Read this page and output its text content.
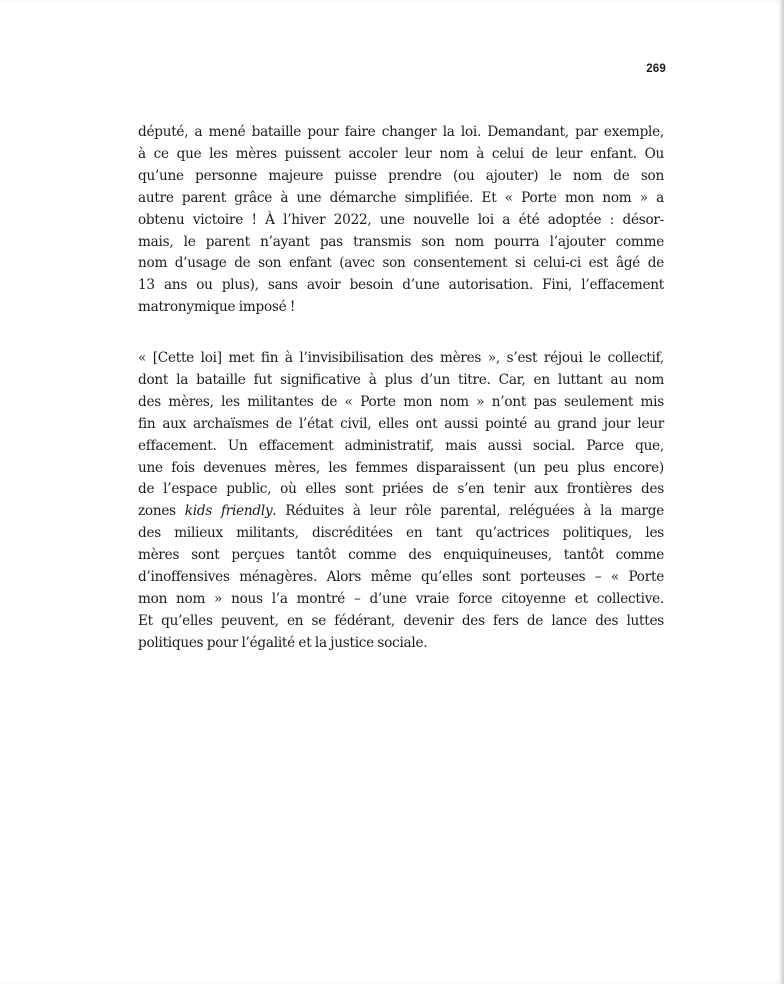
269
député, a mené bataille pour faire changer la loi. Demandant, par exemple,
à ce que les mères puissent accoler leur nom à celui de leur enfant. Ou
qu’une personne majeure puisse prendre (ou ajouter) le nom de son
autre parent grâce à une démarche simplifiée. Et « Porte mon nom » a
obtenu victoire ! À l’hiver 2022, une nouvelle loi a été adoptée : désor-
mais, le parent n’ayant pas transmis son nom pourra l’ajouter comme
nom d’usage de son enfant (avec son consentement si celui-ci est âgé de
13 ans ou plus), sans avoir besoin d’une autorisation. Fini, l’effacement
matronymique imposé !
« [Cette loi] met fin à l’invisibilisation des mères », s’est réjoui le collectif,
dont la bataille fut significative à plus d’un titre. Car, en luttant au nom
des mères, les militantes de « Porte mon nom » n’ont pas seulement mis
fin aux archaïsmes de l’état civil, elles ont aussi pointé au grand jour leur
effacement. Un effacement administratif, mais aussi social. Parce que,
une fois devenues mères, les femmes disparaissent (un peu plus encore)
de l’espace public, où elles sont priées de s’en tenir aux frontières des
zones kids friendly. Réduites à leur rôle parental, reléguées à la marge
des milieux militants, discréditées en tant qu’actrices politiques, les
mères sont perçues tantôt comme des enquiquineuses, tantôt comme
d’inoffensives ménagères. Alors même qu’elles sont porteuses – « Porte
mon nom » nous l’a montré – d’une vraie force citoyenne et collective.
Et qu’elles peuvent, en se fédérant, devenir des fers de lance des luttes
politiques pour l’égalité et la justice sociale.
